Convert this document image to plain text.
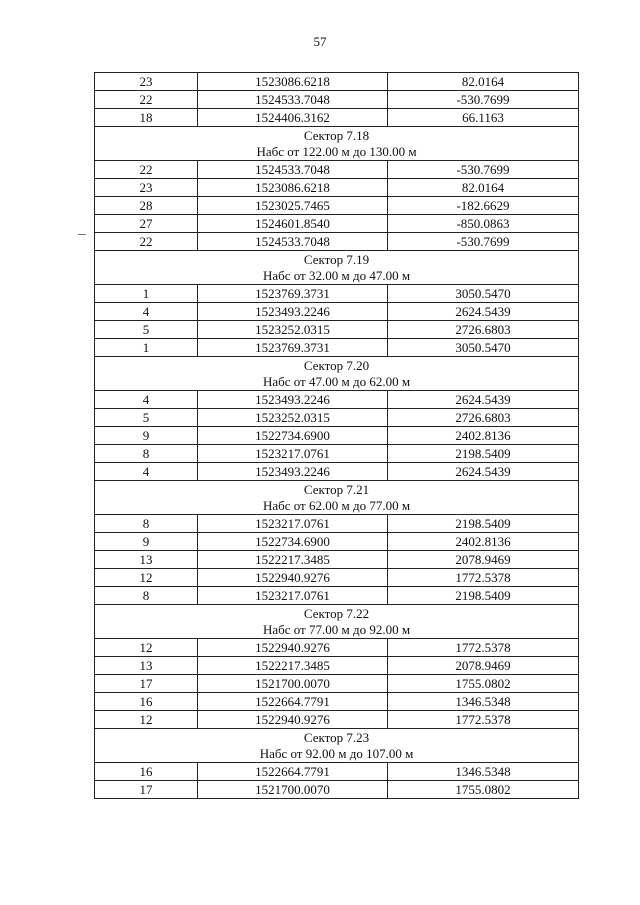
57
23	1523086.6218	82.0164
22	1524533.7048	-530.7699
18	1524406.3162	66.1163

Сектор 7.18
Набс от 122.00 м до 130.00 м		

22	1524533.7048	-530.7699
23	1523086.6218	82.0164
28	1523025.7465	-182.6629
27	1524601.8540	-850.0863
22	1524533.7048	-530.7699

Сектор 7.19
Набс от 32.00 м до 47.00 м		

1	1523769.3731	3050.5470
4	1523493.2246	2624.5439
5	1523252.0315	2726.6803
1	1523769.3731	3050.5470

Сектор 7.20
Набс от 47.00 м до 62.00 м		

4	1523493.2246	2624.5439
5	1523252.0315	2726.6803
9	1522734.6900	2402.8136
8	1523217.0761	2198.5409
4	1523493.2246	2624.5439

Сектор 7.21
Набс от 62.00 м до 77.00 м		

8	1523217.0761	2198.5409
9	1522734.6900	2402.8136
13	1522217.3485	2078.9469
12	1522940.9276	1772.5378
8	1523217.0761	2198.5409

Сектор 7.22
Набс от 77.00 м до 92.00 м		

12	1522940.9276	1772.5378
13	1522217.3485	2078.9469
17	1521700.0070	1755.0802
16	1522664.7791	1346.5348
12	1522940.9276	1772.5378

Сектор 7.23
Набс от 92.00 м до 107.00 м		

16	1522664.7791	1346.5348
17	1521700.0070	1755.0802
